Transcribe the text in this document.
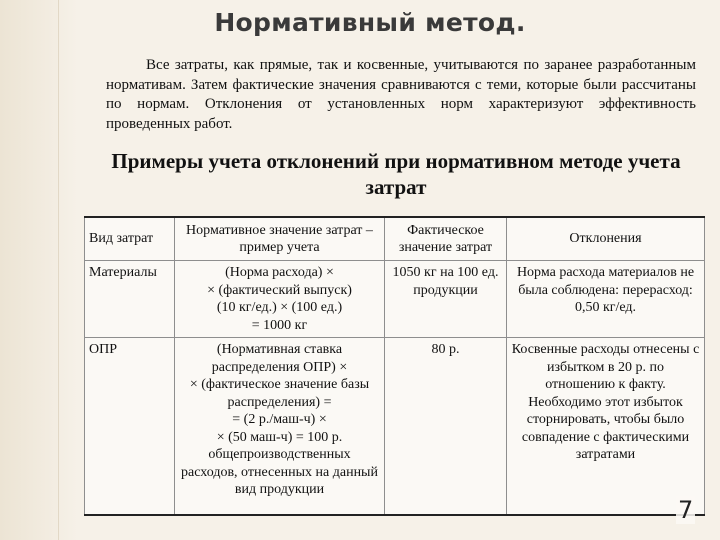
Нормативный метод.

Все затраты, как прямые, так и косвенные, учитываются по заранее разработанным нормативам. Затем фактические значения сравниваются с теми, которые были рассчитаны по нормам. Отклонения от установленных норм характеризуют эффективность проведенных работ.

Примеры учета отклонений при нормативном методе учета затрат
Вид затрат	Нормативное значение затрат – пример учета	Фактическое значение затрат	Отклонения
Материалы	(Норма расхода) ×
× (фактический выпуск)
(10 кг/ед.) × (100 ед.)
= 1000 кг	1050 кг на 100 ед. продукции	Норма расхода материалов не была соблюдена: перерасход: 0,50 кг/ед.
ОПР	(Нормативная ставка распределения ОПР) ×
× (фактическое значение базы распределения) =
= (2 р./маш-ч) ×
× (50 маш-ч) = 100 р.
общепроизводственных расходов, отнесенных на данный вид продукции	80 р.	Косвенные расходы отнесены с избытком в 20 р. по отношению к факту. Необходимо этот избыток сторнировать, чтобы было совпадение с фактическими затратами
7
